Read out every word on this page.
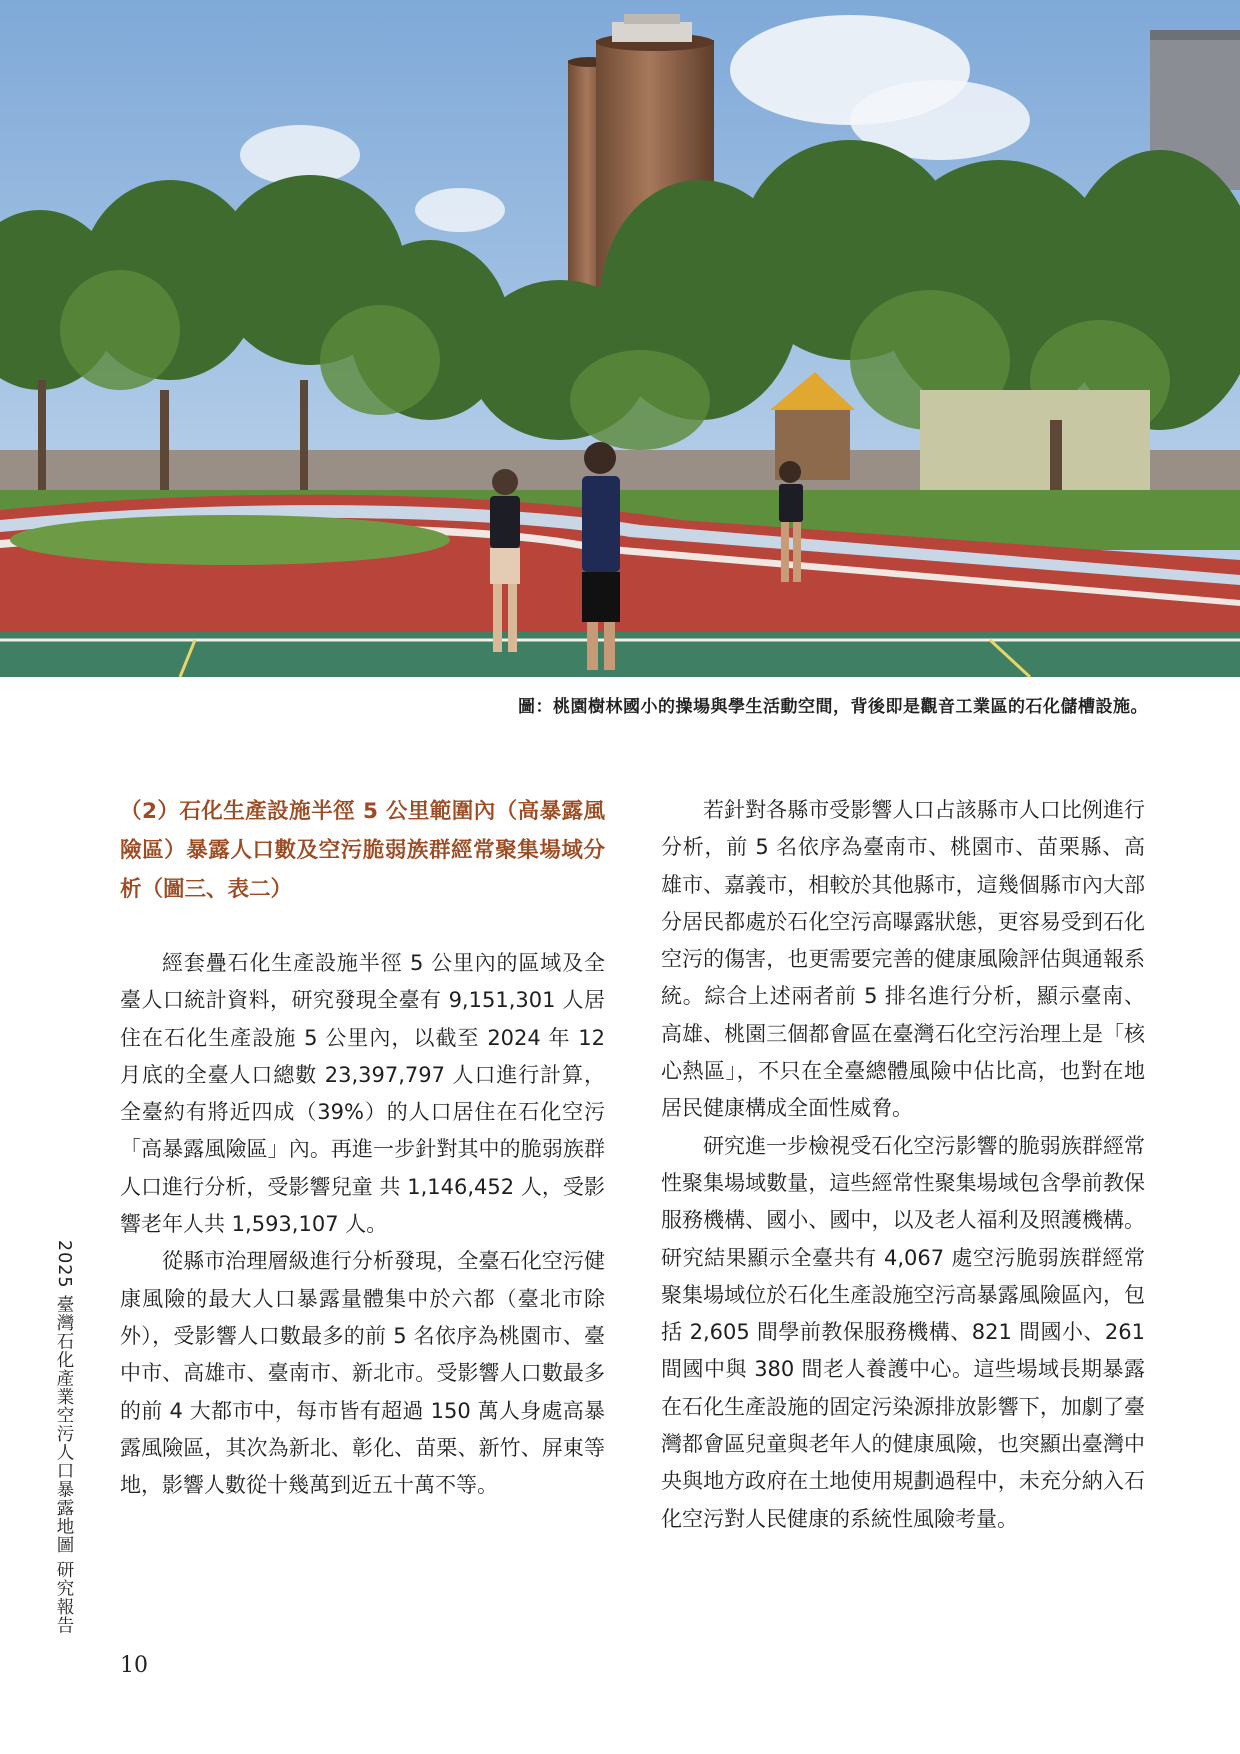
圖：桃園樹林國小的操場與學生活動空間，背後即是觀音工業區的石化儲槽設施。
（2）石化生產設施半徑 5 公里範圍內（高暴露風險區）暴露人口數及空污脆弱族群經常聚集場域分析（圖三、表二）

經套疊石化生產設施半徑 5 公里內的區域及全臺人口統計資料，研究發現全臺有 9,151,301 人居住在石化生產設施 5 公里內，以截至 2024 年 12 月底的全臺人口總數 23,397,797 人口進行計算，全臺約有將近四成（39%）的人口居住在石化空污「高暴露風險區」內。再進一步針對其中的脆弱族群人口進行分析，受影響兒童 共 1,146,452 人，受影響老年人共 1,593,107 人。

從縣市治理層級進行分析發現，全臺石化空污健康風險的最大人口暴露量體集中於六都（臺北市除外），受影響人口數最多的前 5 名依序為桃園市、臺中市、高雄市、臺南市、新北市。受影響人口數最多的前 4 大都市中，每市皆有超過 150 萬人身處高暴露風險區，其次為新北、彰化、苗栗、新竹、屏東等地，影響人數從十幾萬到近五十萬不等。

若針對各縣市受影響人口占該縣市人口比例進行分析，前 5 名依序為臺南市、桃園市、苗栗縣、高雄市、嘉義市，相較於其他縣市，這幾個縣市內大部分居民都處於石化空污高曝露狀態，更容易受到石化空污的傷害，也更需要完善的健康風險評估與通報系統。綜合上述兩者前 5 排名進行分析，顯示臺南、高雄、桃園三個都會區在臺灣石化空污治理上是「核心熱區」，不只在全臺總體風險中佔比高，也對在地居民健康構成全面性威脅。

研究進一步檢視受石化空污影響的脆弱族群經常性聚集場域數量，這些經常性聚集場域包含學前教保服務機構、國小、國中，以及老人福利及照護機構。研究結果顯示全臺共有 4,067 處空污脆弱族群經常聚集場域位於石化生產設施空污高暴露風險區內，包括 2,605 間學前教保服務機構、821 間國小、261 間國中與 380 間老人養護中心。這些場域長期暴露在石化生產設施的固定污染源排放影響下，加劇了臺灣都會區兒童與老年人的健康風險，也突顯出臺灣中央與地方政府在土地使用規劃過程中，未充分納入石化空污對人民健康的系統性風險考量。

2025 臺灣石化產業空污人口暴露地圖 研究報告
10
